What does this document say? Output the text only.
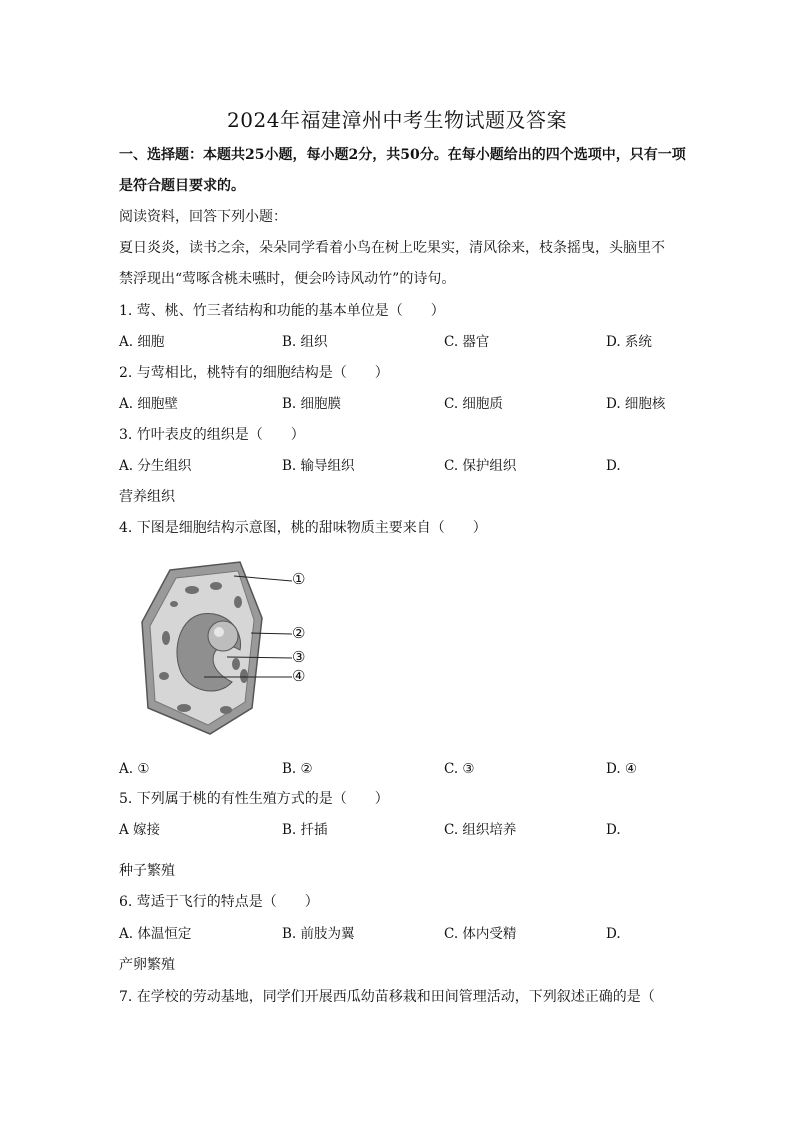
2024年福建漳州中考生物试题及答案
一、选择题：本题共25小题，每小题2分，共50分。在每小题给出的四个选项中，只有一项
是符合题目要求的。
阅读资料，回答下列小题：
夏日炎炎，读书之余，朵朵同学看着小鸟在树上吃果实，清风徐来，枝条摇曳，头脑里不
禁浮现出“莺啄含桃未嚥时，便会吟诗风动竹”的诗句。
1. 莺、桃、竹三者结构和功能的基本单位是（　　）
A. 细胞	B. 组织	C. 器官	D. 系统
2. 与莺相比，桃特有的细胞结构是（　　）
A. 细胞壁	B. 细胞膜	C. 细胞质	D. 细胞核
3. 竹叶表皮的组织是（　　）
A. 分生组织	B. 输导组织	C. 保护组织	D.
营养组织
4. 下图是细胞结构示意图，桃的甜味物质主要来自（　　）
①
②
③
④
A. ①	B. ②	C. ③	D. ④
5. 下列属于桃的有性生殖方式的是（　　）
A 嫁接	B. 扦插	C. 组织培养	D.
种子繁殖
6. 莺适于飞行的特点是（　　）
A. 体温恒定	B. 前肢为翼	C. 体内受精	D.
产卵繁殖
7. 在学校的劳动基地，同学们开展西瓜幼苗移栽和田间管理活动，下列叙述正确的是（
